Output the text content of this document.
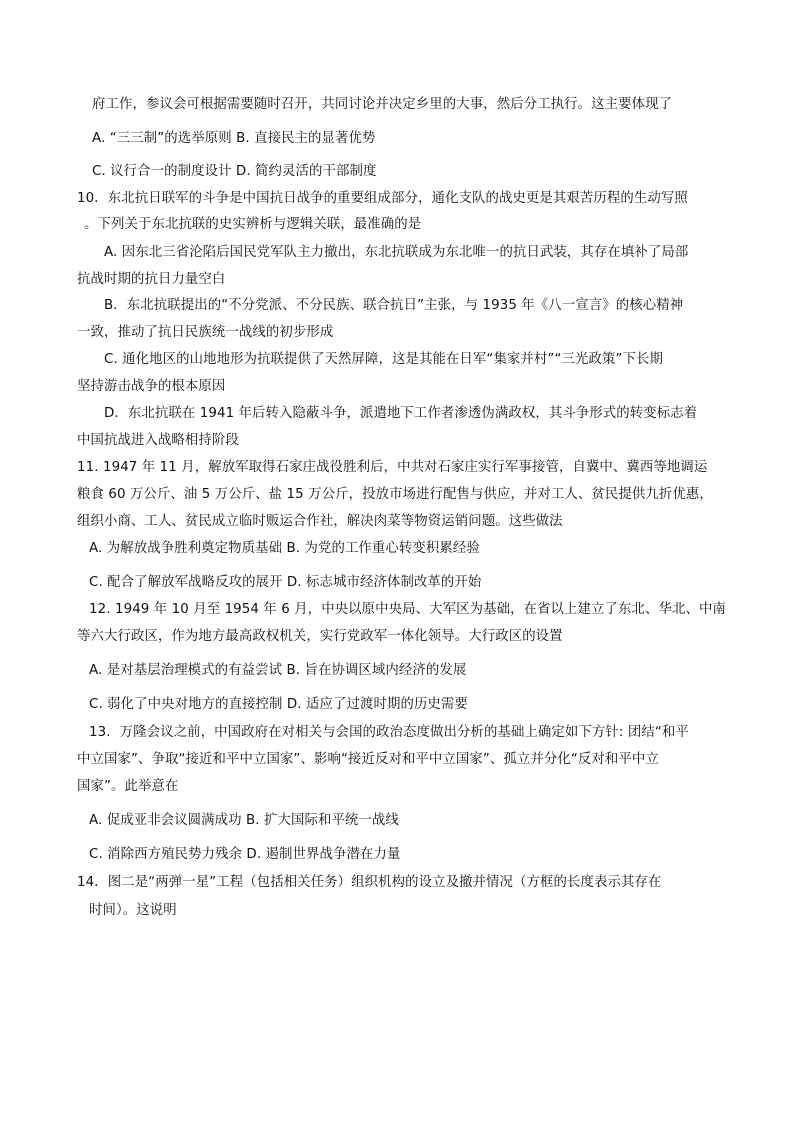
府工作，参议会可根据需要随时召开，共同讨论并决定乡里的大事，然后分工执行。这主要体现了
A. “三三制”的选举原则 B. 直接民主的显著优势
C. 议行合一的制度设计 D. 简约灵活的干部制度
10．东北抗日联军的斗争是中国抗日战争的重要组成部分，通化支队的战史更是其艰苦历程的生动写照
。下列关于东北抗联的史实辨析与逻辑关联，最准确的是
A. 因东北三省沦陷后国民党军队主力撤出，东北抗联成为东北唯一的抗日武装，其存在填补了局部
抗战时期的抗日力量空白
B．东北抗联提出的“不分党派、不分民族、联合抗日”主张，与 1935 年《八一宣言》的核心精神
一致，推动了抗日民族统一战线的初步形成
C. 通化地区的山地地形为抗联提供了天然屏障，这是其能在日军“集家并村”“三光政策”下长期
坚持游击战争的根本原因
D．东北抗联在 1941 年后转入隐蔽斗争，派遣地下工作者渗透伪满政权，其斗争形式的转变标志着
中国抗战进入战略相持阶段
11. 1947 年 11 月，解放军取得石家庄战役胜利后，中共对石家庄实行军事接管，自冀中、冀西等地调运
粮食 60 万公斤、油 5 万公斤、盐 15 万公斤，投放市场进行配售与供应，并对工人、贫民提供九折优惠，
组织小商、工人、贫民成立临时贩运合作社，解决肉菜等物资运销问题。这些做法
A. 为解放战争胜利奠定物质基础 B. 为党的工作重心转变积累经验
C. 配合了解放军战略反攻的展开 D. 标志城市经济体制改革的开始
12. 1949 年 10 月至 1954 年 6 月，中央以原中央局、大军区为基础，在省以上建立了东北、华北、中南
等六大行政区，作为地方最高政权机关，实行党政军一体化领导。大行政区的设置
A. 是对基层治理模式的有益尝试 B. 旨在协调区域内经济的发展
C. 弱化了中央对地方的直接控制 D. 适应了过渡时期的历史需要
13．万隆会议之前，中国政府在对相关与会国的政治态度做出分析的基础上确定如下方针: 团结“和平
中立国家”、争取“接近和平中立国家”、影响“接近反对和平中立国家”、孤立并分化“反对和平中立
国家”。此举意在
A. 促成亚非会议圆满成功 B. 扩大国际和平统一战线
C. 消除西方殖民势力残余 D. 遏制世界战争潜在力量
14．图二是“两弹一星”工程（包括相关任务）组织机构的设立及撤并情况（方框的长度表示其存在
时间）。这说明
